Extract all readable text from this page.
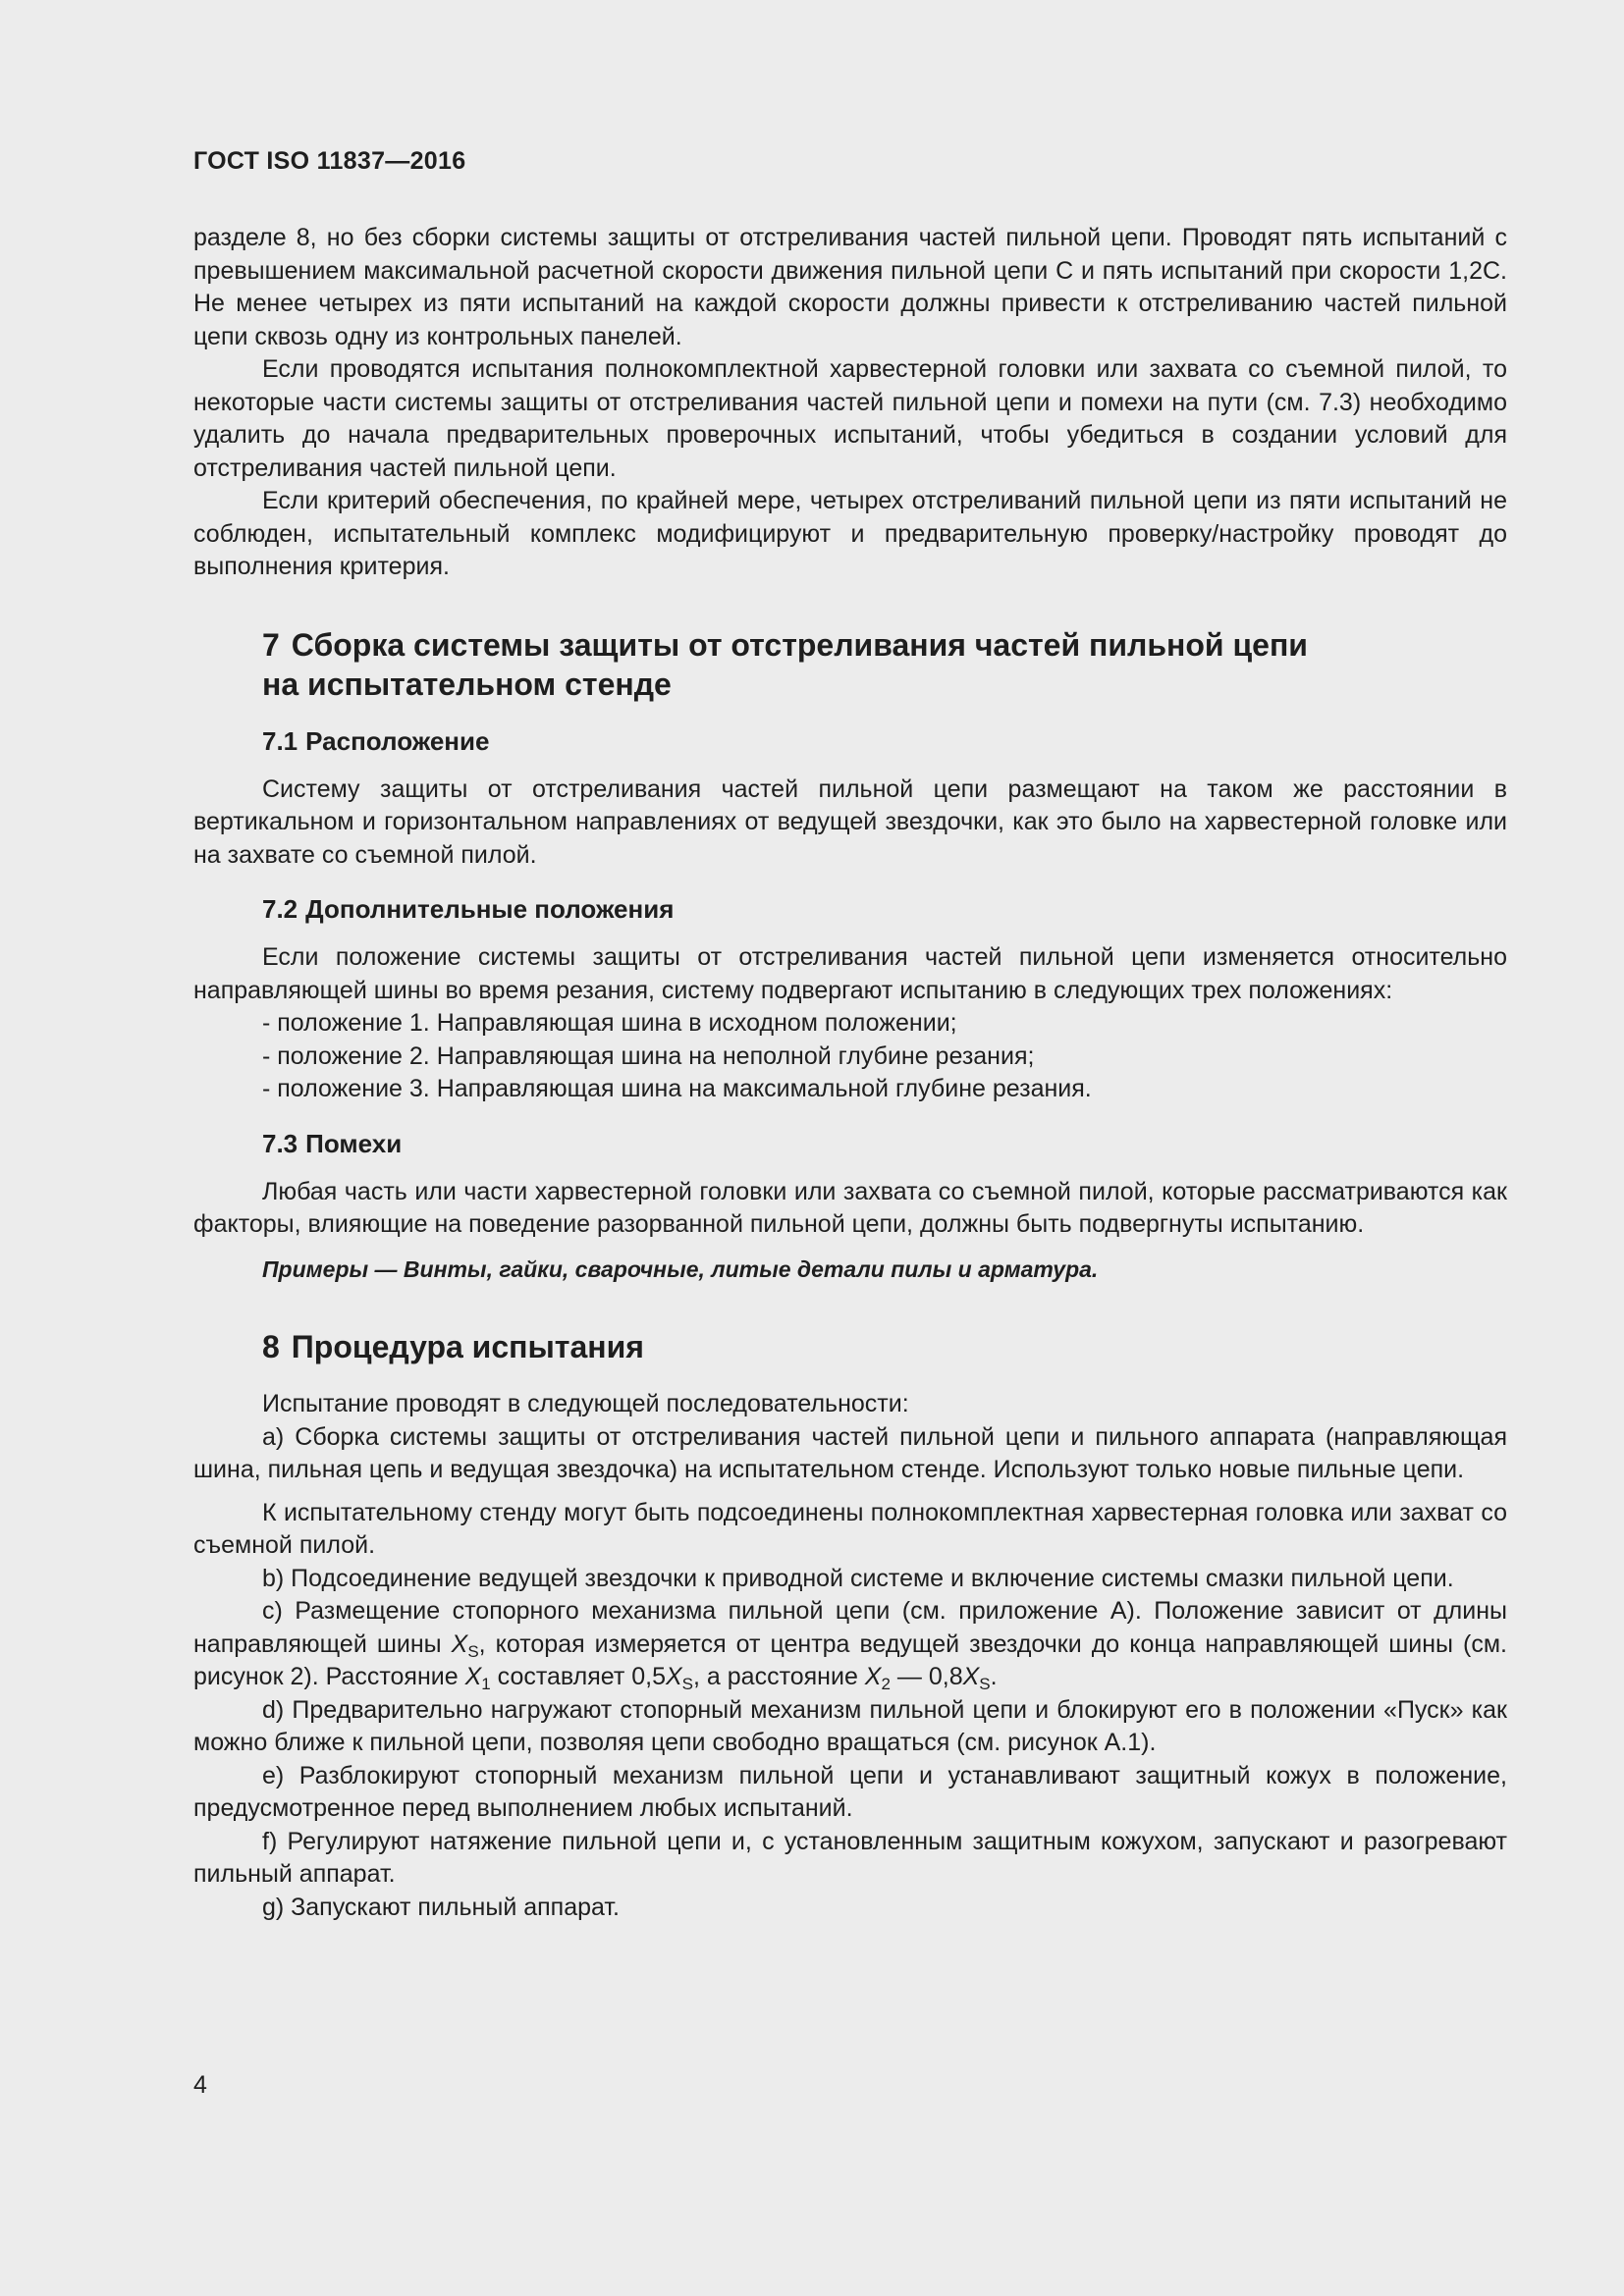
ГОСТ ISO 11837—2016

разделе 8, но без сборки системы защиты от отстреливания частей пильной цепи. Проводят пять испытаний с превышением максимальной расчетной скорости движения пильной цепи С и пять испытаний при скорости 1,2С. Не менее четырех из пяти испытаний на каждой скорости должны привести к отстреливанию частей пильной цепи сквозь одну из контрольных панелей.

Если проводятся испытания полнокомплектной харвестерной головки или захвата со съемной пилой, то некоторые части системы защиты от отстреливания частей пильной цепи и помехи на пути (см. 7.3) необходимо удалить до начала предварительных проверочных испытаний, чтобы убедиться в создании условий для отстреливания частей пильной цепи.

Если критерий обеспечения, по крайней мере, четырех отстреливаний пильной цепи из пяти испытаний не соблюден, испытательный комплекс модифицируют и предварительную проверку/настройку проводят до выполнения критерия.

7 Сборка системы защиты от отстреливания частей пильной цепи
на испытательном стенде
7.1 Расположение

Систему защиты от отстреливания частей пильной цепи размещают на таком же расстоянии в вертикальном и горизонтальном направлениях от ведущей звездочки, как это было на харвестерной головке или на захвате со съемной пилой.

7.2 Дополнительные положения

Если положение системы защиты от отстреливания частей пильной цепи изменяется относительно направляющей шины во время резания, систему подвергают испытанию в следующих трех положениях:

- положение 1. Направляющая шина в исходном положении;
- положение 2. Направляющая шина на неполной глубине резания;
- положение 3. Направляющая шина на максимальной глубине резания.
7.3 Помехи

Любая часть или части харвестерной головки или захвата со съемной пилой, которые рассматриваются как факторы, влияющие на поведение разорванной пильной цепи, должны быть подвергнуты испытанию.

Примеры — Винты, гайки, сварочные, литые детали пилы и арматура.
8 Процедура испытания

Испытание проводят в следующей последовательности:

а) Сборка системы защиты от отстреливания частей пильной цепи и пильного аппарата (направляющая шина, пильная цепь и ведущая звездочка) на испытательном стенде. Используют только новые пильные цепи.

К испытательному стенду могут быть подсоединены полнокомплектная харвестерная головка или захват со съемной пилой.

b) Подсоединение ведущей звездочки к приводной системе и включение системы смазки пильной цепи.

с) Размещение стопорного механизма пильной цепи (см. приложение А). Положение зависит от длины направляющей шины $X_S$, которая измеряется от центра ведущей звездочки до конца направляющей шины (см. рисунок 2). Расстояние $X_1$ составляет $0,5X_S$, а расстояние $X_2$ — $0,8X_S$.

d) Предварительно нагружают стопорный механизм пильной цепи и блокируют его в положении «Пуск» как можно ближе к пильной цепи, позволяя цепи свободно вращаться (см. рисунок А.1).

е) Разблокируют стопорный механизм пильной цепи и устанавливают защитный кожух в положение, предусмотренное перед выполнением любых испытаний.

f) Регулируют натяжение пильной цепи и, с установленным защитным кожухом, запускают и разогревают пильный аппарат.

g) Запускают пильный аппарат.

4
